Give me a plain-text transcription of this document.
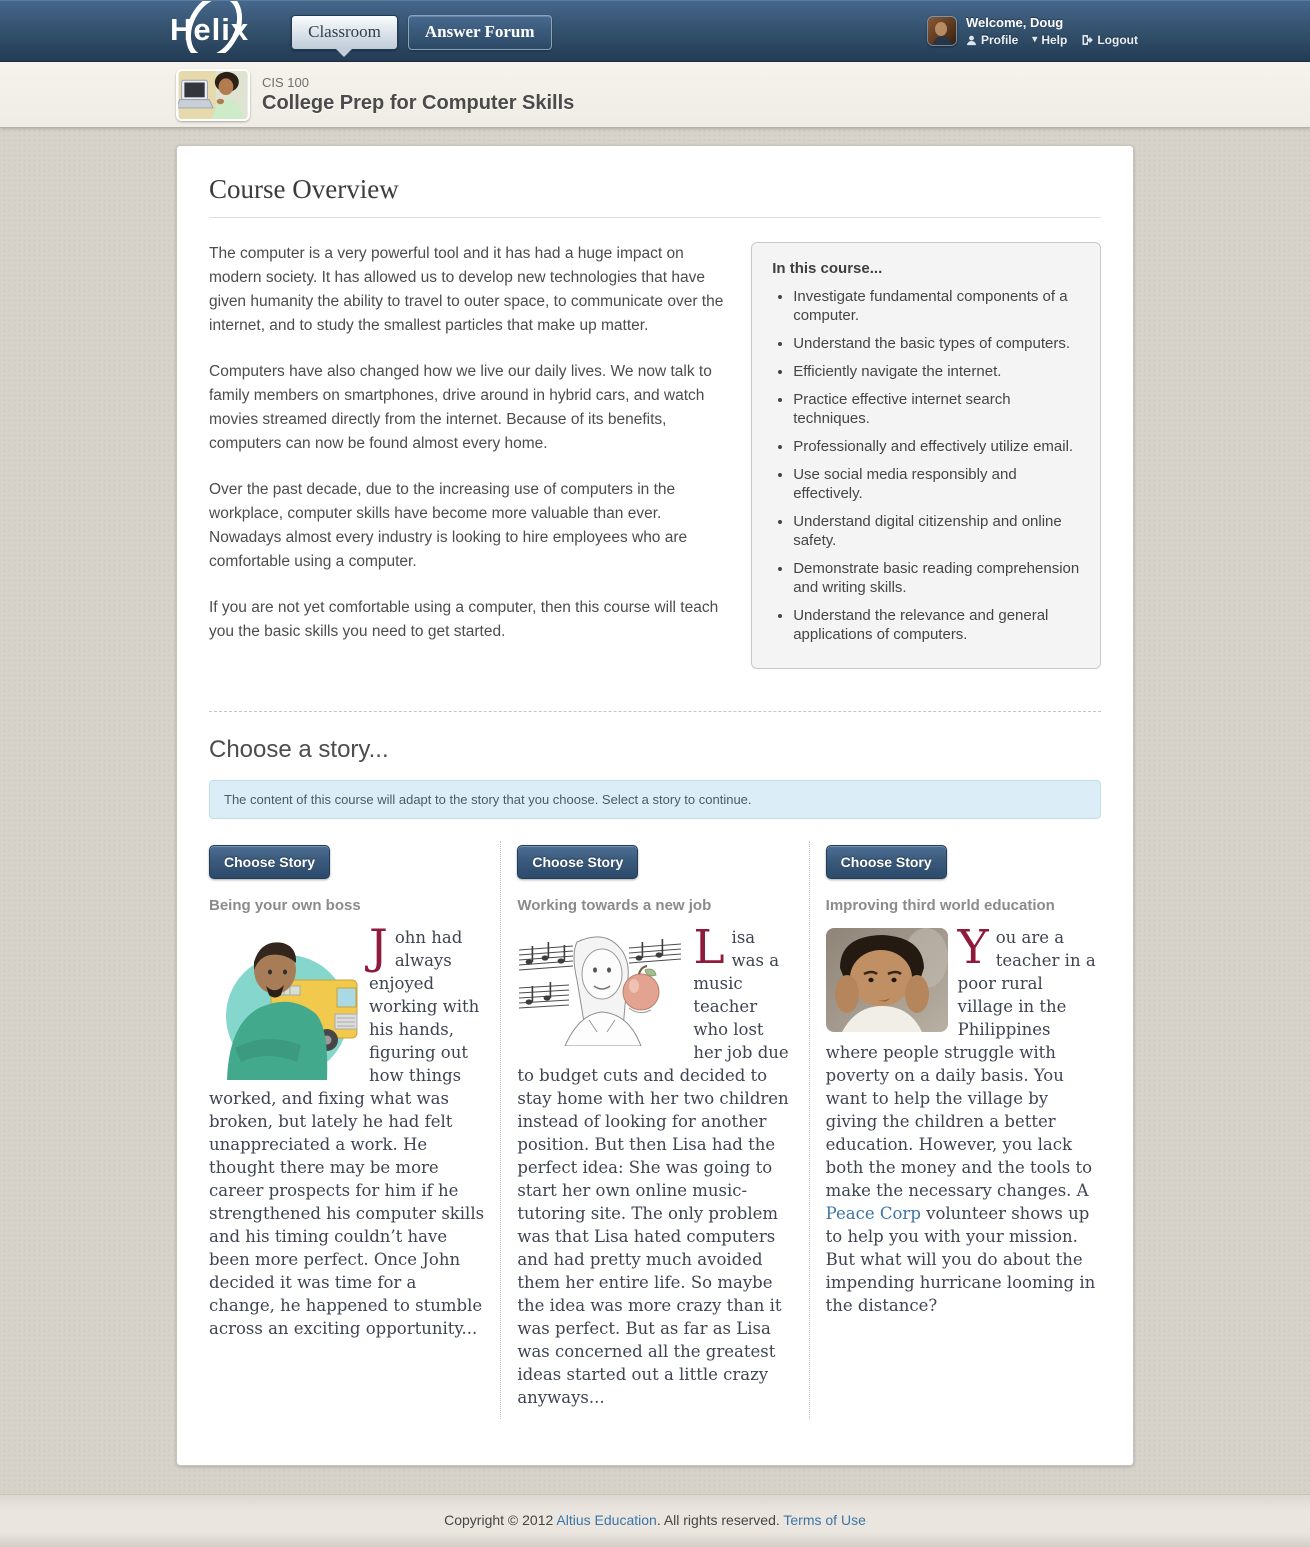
Helix	Classroom	Answer Forum	Welcome, Doug
Profile ▾ Help	Logout
CIS 100
College Prep for Computer Skills
Course Overview

The computer is a very powerful tool and it has had a huge impact on modern society. It has allowed us to develop new technologies that have given humanity the ability to travel to outer space, to communicate over the internet, and to study the smallest particles that make up matter.

Computers have also changed how we live our daily lives. We now talk to family members on smartphones, drive around in hybrid cars, and watch movies streamed directly from the internet. Because of its benefits, computers can now be found almost every home.

Over the past decade, due to the increasing use of computers in the workplace, computer skills have become more valuable than ever. Nowadays almost every industry is looking to hire employees who are comfortable using a computer.

If you are not yet comfortable using a computer, then this course will teach you the basic skills you need to get started.

In this course...
• Investigate fundamental components of a computer.
• Understand the basic types of computers.
• Efficiently navigate the internet.
• Practice effective internet search techniques.
• Professionally and effectively utilize email.
• Use social media responsibly and effectively.
• Understand digital citizenship and online safety.
• Demonstrate basic reading comprehension and writing skills.
• Understand the relevance and general applications of computers.
Choose a story...
The content of this course will adapt to the story that you choose. Select a story to continue.
Choose Story
Being your own boss
J ohn had always enjoyed working with his hands, figuring out how things worked, and fixing what was broken, but lately he had felt unappreciated a work. He thought there may be more career prospects for him if he strengthened his computer skills and his timing couldn’t have been more perfect. Once John decided it was time for a change, he happened to stumble across an exciting opportunity...
Choose Story
Working towards a new job
L isa was a music teacher who lost her job due to budget cuts and decided to stay home with her two children instead of looking for another position. But then Lisa had the perfect idea: She was going to start her own online music-tutoring site. The only problem was that Lisa hated computers and had pretty much avoided them her entire life. So maybe the idea was more crazy than it was perfect. But as far as Lisa was concerned all the greatest ideas started out a little crazy anyways...
Choose Story
Improving third world education
Y ou are a teacher in a poor rural village in the Philippines where people struggle with poverty on a daily basis. You want to help the village by giving the children a better education. However, you lack both the money and the tools to make the necessary changes. A Peace Corp volunteer shows up to help you with your mission. But what will you do about the impending hurricane looming in the distance?
Copyright © 2012 Altius Education. All rights reserved. Terms of Use
